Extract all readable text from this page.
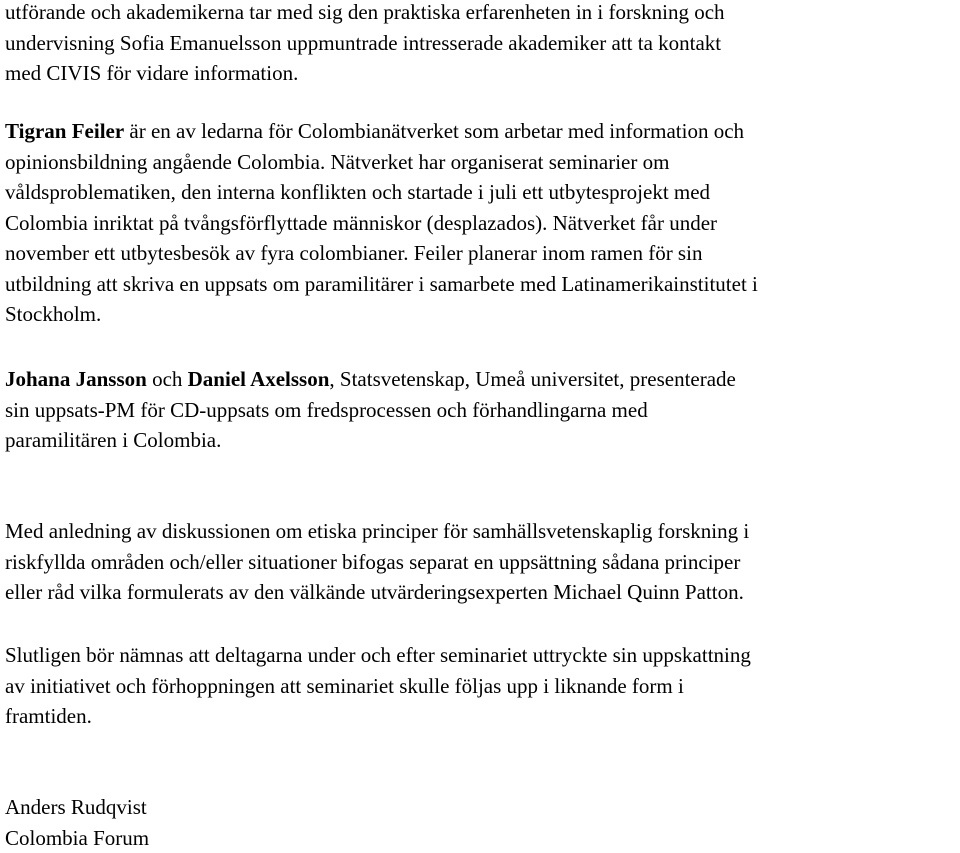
utförande och akademikerna tar med sig den praktiska erfarenheten in i forskning och
undervisning Sofia Emanuelsson uppmuntrade intresserade akademiker att ta kontakt
med CIVIS för vidare information.

Tigran Feiler är en av ledarna för Colombianätverket som arbetar med information och
opinionsbildning angående Colombia. Nätverket har organiserat seminarier om
våldsproblematiken, den interna konflikten och startade i juli ett utbytesprojekt med
Colombia inriktat på tvångsförflyttade människor (desplazados). Nätverket får under
november ett utbytesbesök av fyra colombianer. Feiler planerar inom ramen för sin
utbildning att skriva en uppsats om paramilitärer i samarbete med Latinamerikainstitutet i
Stockholm.

Johana Jansson och Daniel Axelsson, Statsvetenskap, Umeå universitet, presenterade
sin uppsats-PM för CD-uppsats om fredsprocessen och förhandlingarna med
paramilitären i Colombia.

Med anledning av diskussionen om etiska principer för samhällsvetenskaplig forskning i
riskfyllda områden och/eller situationer bifogas separat en uppsättning sådana principer
eller råd vilka formulerats av den välkände utvärderingsexperten Michael Quinn Patton.

Slutligen bör nämnas att deltagarna under och efter seminariet uttryckte sin uppskattning
av initiativet och förhoppningen att seminariet skulle följas upp i liknande form i
framtiden.

Anders Rudqvist
Colombia Forum
